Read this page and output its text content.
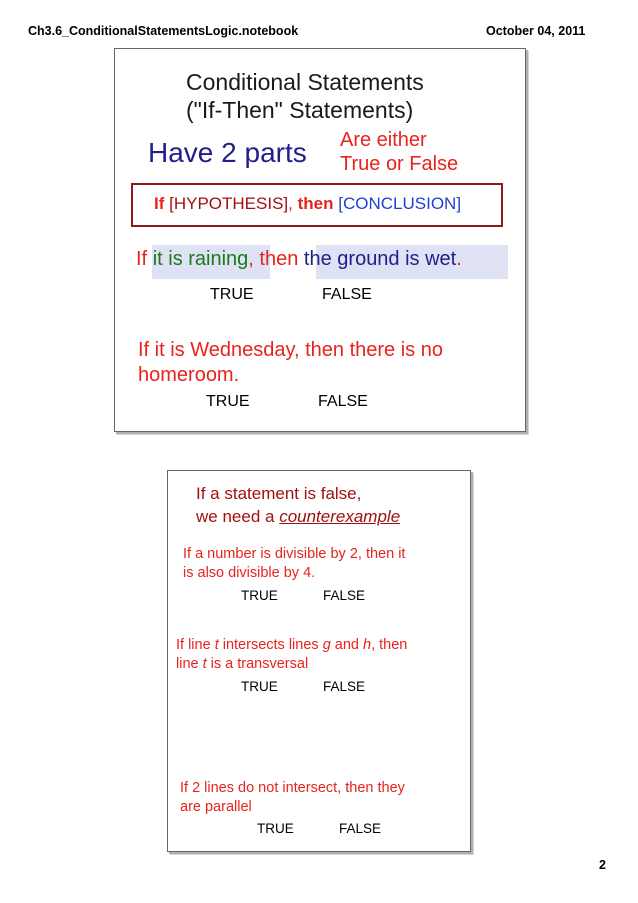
Ch3.6_ConditionalStatementsLogic.notebook	October 04, 2011
Conditional Statements
("If-Then" Statements)
Have 2 parts Are either
True or False
If [HYPOTHESIS], then [CONCLUSION]
If it is raining, then the ground is wet.
TRUE	FALSE
If it is Wednesday, then there is no
homeroom.
TRUE	FALSE
If a statement is false,
we need a counterexample
If a number is divisible by 2, then it
is also divisible by 4.
TRUE	FALSE
If line t intersects lines g and h, then
line t is a transversal
TRUE	FALSE
If 2 lines do not intersect, then they
are parallel
TRUE	FALSE
2
